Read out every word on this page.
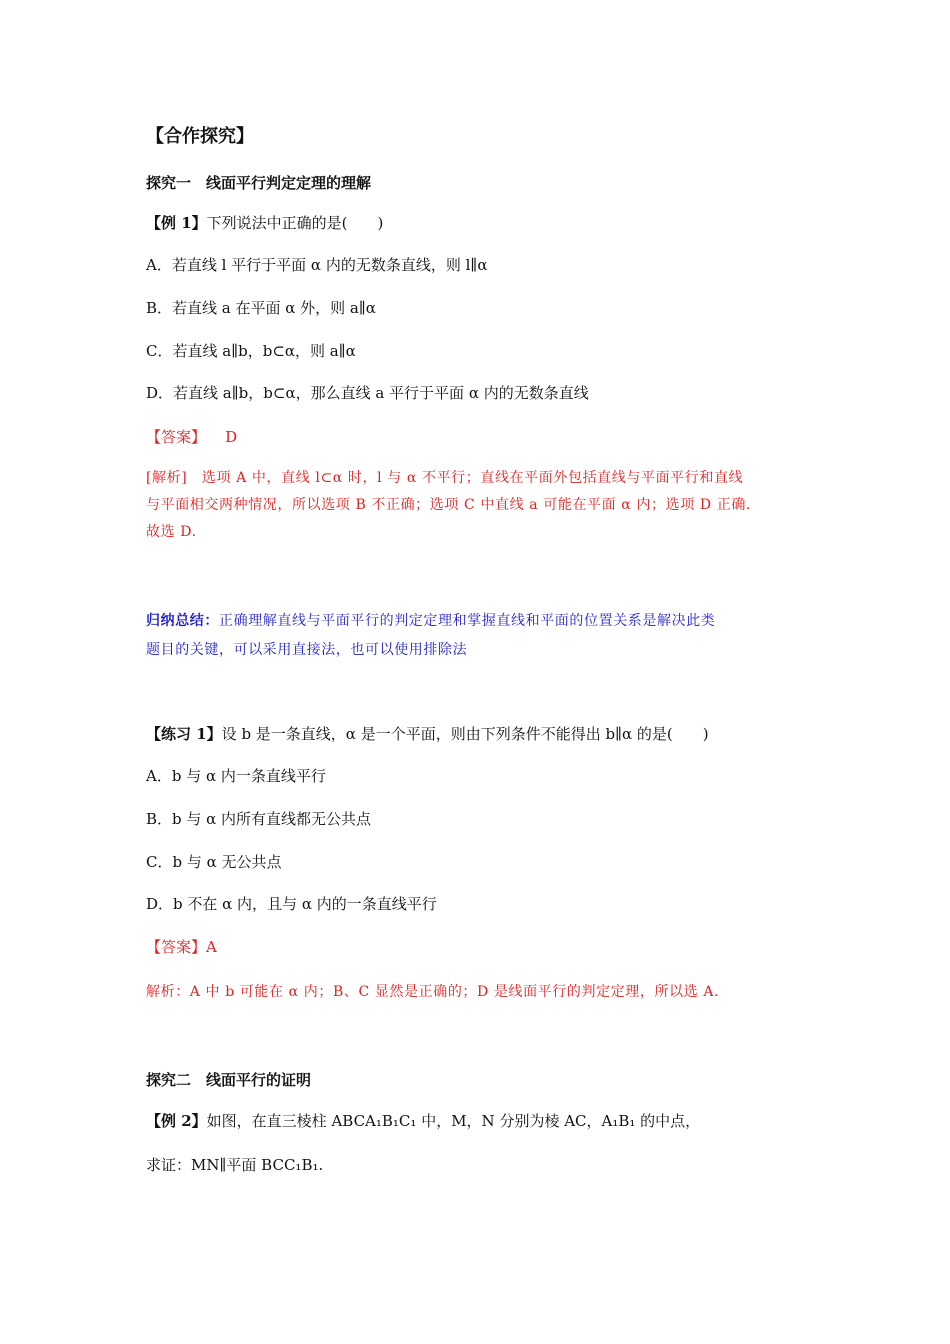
【合作探究】
探究一　线面平行判定定理的理解
【例 1】下列说法中正确的是(　　)
A．若直线 l 平行于平面 α 内的无数条直线，则 l∥α
B．若直线 a 在平面 α 外，则 a∥α
C．若直线 a∥b，b⊂α，则 a∥α
D．若直线 a∥b，b⊂α，那么直线 a 平行于平面 α 内的无数条直线
【答案】 D
[解析]　选项 A 中，直线 l⊂α 时，l 与 α 不平行；直线在平面外包括直线与平面平行和直线
与平面相交两种情况，所以选项 B 不正确；选项 C 中直线 a 可能在平面 α 内；选项 D 正确.
故选 D.
归纳总结：正确理解直线与平面平行的判定定理和掌握直线和平面的位置关系是解决此类
题目的关键，可以采用直接法，也可以使用排除法
【练习 1】设 b 是一条直线，α 是一个平面，则由下列条件不能得出 b∥α 的是(　　)
A．b 与 α 内一条直线平行
B．b 与 α 内所有直线都无公共点
C．b 与 α 无公共点
D．b 不在 α 内，且与 α 内的一条直线平行
【答案】A
解析：A 中 b 可能在 α 内；B、C 显然是正确的；D 是线面平行的判定定理，所以选 A.
探究二　线面平行的证明
【例 2】如图，在直三棱柱 ABCA₁B₁C₁ 中，M，N 分别为棱 AC，A₁B₁ 的中点，
求证：MN∥平面 BCC₁B₁.
